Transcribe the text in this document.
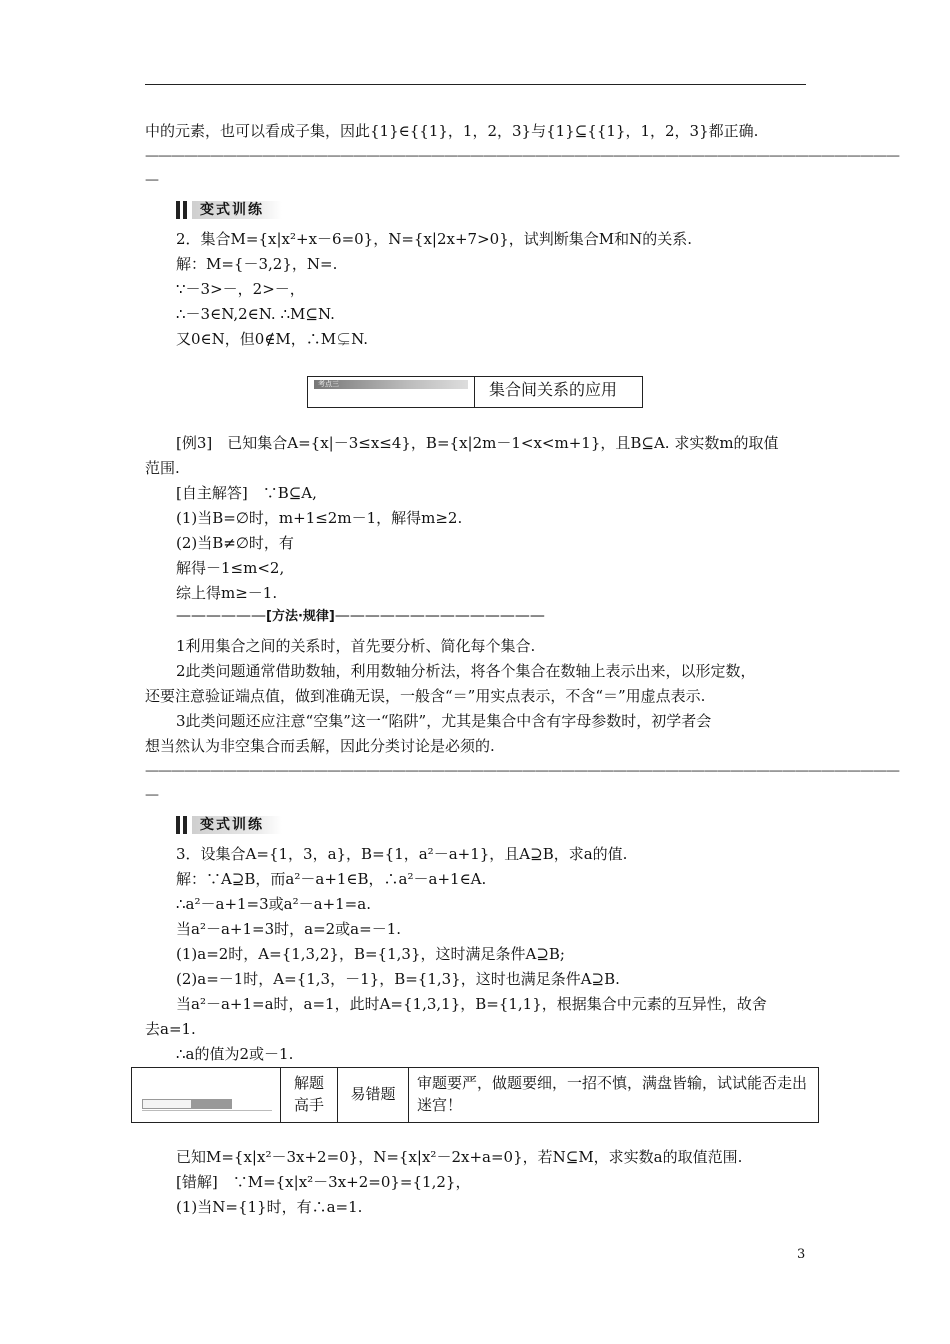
中的元素，也可以看成子集，因此{1}∈{{1}，1，2，3}与{1}⊆{{1}，1，2，3}都正确.
——————————————————————————————————————————————————————————
—
变式训练
2．集合M={x|x²+x－6=0}，N={x|2x+7>0}，试判断集合M和N的关系.
解：M={－3,2}，N=.
∵－3>－，2>－，
∴－3∈N,2∈N. ∴M⊆N.
又0∈N，但0∉M，∴M⊊N.
考点三	集合间关系的应用
[例3]　已知集合A={x|－3≤x≤4}，B={x|2m－1<x<m+1}，且B⊆A. 求实数m的取值
范围.
[自主解答]　∵B⊆A,
(1)当B=∅时，m+1≤2m－1，解得m≥2.
(2)当B≠∅时，有
解得－1≤m<2,
综上得m≥－1.
——————[方法·规律]——————————————
1利用集合之间的关系时，首先要分析、简化每个集合.
2此类问题通常借助数轴，利用数轴分析法，将各个集合在数轴上表示出来，以形定数，
还要注意验证端点值，做到准确无误，一般含“＝”用实点表示，不含“＝”用虚点表示.
3此类问题还应注意“空集”这一“陷阱”，尤其是集合中含有字母参数时，初学者会
想当然认为非空集合而丢解，因此分类讨论是必须的.
——————————————————————————————————————————————————————————
—
变式训练
3．设集合A={1，3，a}，B={1，a²－a+1}，且A⊇B，求a的值.
解：∵A⊇B，而a²－a+1∈B，∴a²－a+1∈A.
∴a²－a+1=3或a²－a+1=a.
当a²－a+1=3时，a=2或a=－1.
(1)a=2时，A={1,3,2}，B={1,3}，这时满足条件A⊇B;
(2)a=－1时，A={1,3，－1}，B={1,3}，这时也满足条件A⊇B.
当a²－a+1=a时，a=1，此时A={1,3,1}，B={1,1}，根据集合中元素的互异性，故舍
去a=1.
∴a的值为2或－1.
解题
高手
易错题
审题要严，做题要细，一招不慎，满盘皆输，试试能否走出迷宫！
已知M={x|x²－3x+2=0}，N={x|x²－2x+a=0}，若N⊆M，求实数a的取值范围.
[错解]　∵M={x|x²－3x+2=0}={1,2}，
(1)当N={1}时，有∴a=1.
3
